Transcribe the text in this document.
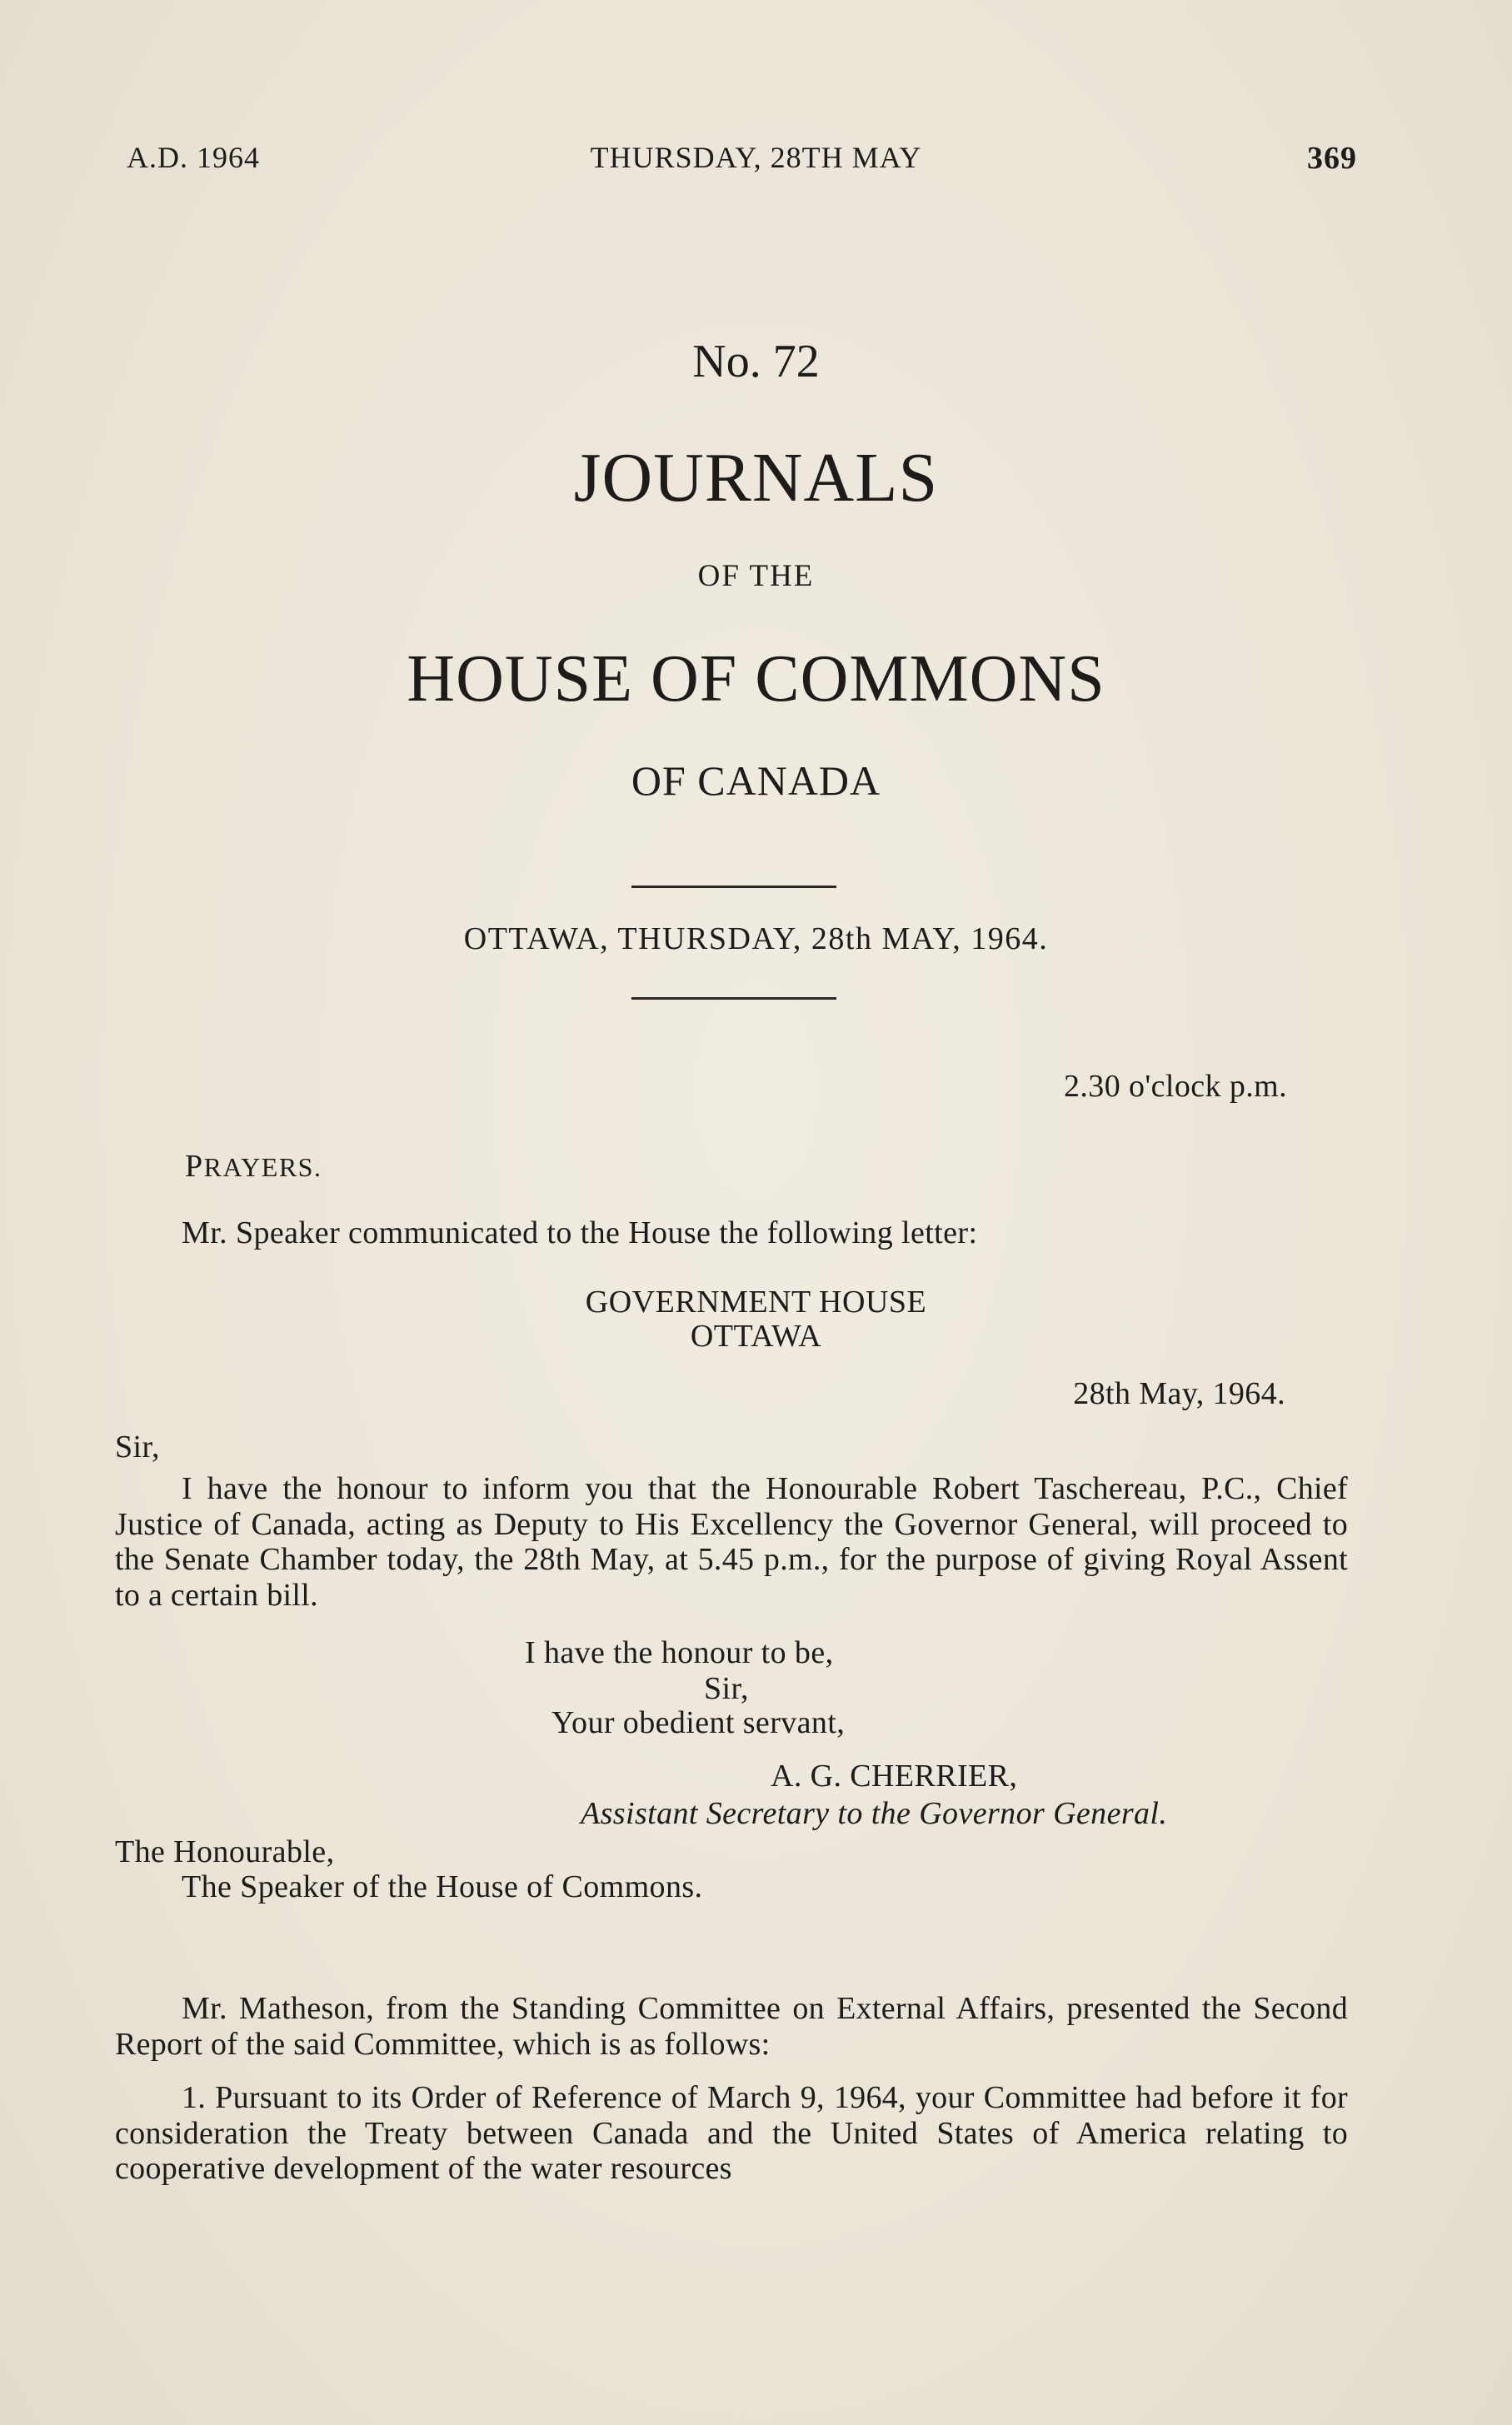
A.D. 1964	THURSDAY, 28TH MAY	369
No. 72
JOURNALS
OF THE
HOUSE OF COMMONS
OF CANADA
OTTAWA, THURSDAY, 28th MAY, 1964.
2.30 o'clock p.m.
PRAYERS.
Mr. Speaker communicated to the House the following letter:
GOVERNMENT HOUSE
OTTAWA
28th May, 1964.
Sir,

I have the honour to inform you that the Honourable Robert Taschereau, P.C., Chief Justice of Canada, acting as Deputy to His Excellency the Governor General, will proceed to the Senate Chamber today, the 28th May, at 5.45 p.m., for the purpose of giving Royal Assent to a certain bill.

I have the honour to be,
Sir,
Your obedient servant,
A. G. CHERRIER,
Assistant Secretary to the Governor General.
The Honourable,
The Speaker of the House of Commons.

Mr. Matheson, from the Standing Committee on External Affairs, presented the Second Report of the said Committee, which is as follows:

1. Pursuant to its Order of Reference of March 9, 1964, your Committee had before it for consideration the Treaty between Canada and the United States of America relating to cooperative development of the water resources
